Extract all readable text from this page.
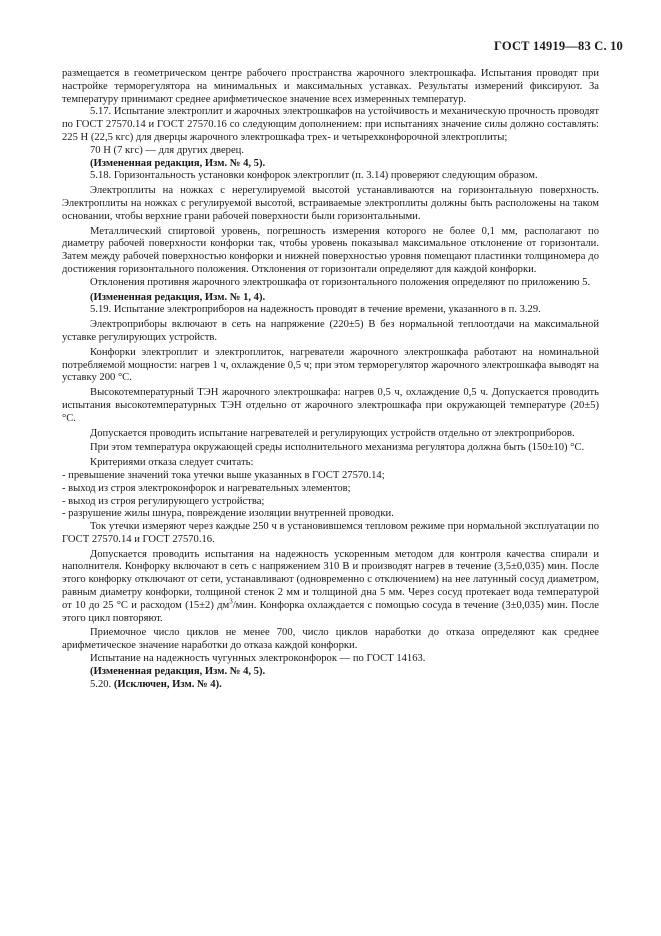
ГОСТ 14919—83 С. 10

размещается в геометрическом центре рабочего пространства жарочного электрошкафа. Испытания проводят при настройке терморегулятора на минимальных и максимальных уставках. Результаты измерений фиксируют. За температуру принимают среднее арифметическое значение всех измеренных температур.

5.17. Испытание электроплит и жарочных электрошкафов на устойчивость и механическую прочность проводят по ГОСТ 27570.14 и ГОСТ 27570.16 со следующим дополнением: при испытаниях значение силы должно составлять: 225 Н (22,5 кгс) для дверцы жарочного электрошкафа трех- и четырехконфорочной электроплиты;

70 Н (7 кгс) — для других дверец.

(Измененная редакция, Изм. № 4, 5).

5.18. Горизонтальность установки конфорок электроплит (п. 3.14) проверяют следующим образом.

Электроплиты на ножках с нерегулируемой высотой устанавливаются на горизонтальную поверхность. Электроплиты на ножках с регулируемой высотой, встраиваемые электроплиты должны быть расположены на таком основании, чтобы верхние грани рабочей поверхности были горизонтальными.

Металлический спиртовой уровень, погрешность измерения которого не более 0,1 мм, располагают по диаметру рабочей поверхности конфорки так, чтобы уровень показывал максимальное отклонение от горизонтали. Затем между рабочей поверхностью конфорки и нижней поверхностью уровня помещают пластинки толщиномера до достижения горизонтального положения. Отклонения от горизонтали определяют для каждой конфорки.

Отклонения противня жарочного электрошкафа от горизонтального положения определяют по приложению 5.

(Измененная редакция, Изм. № 1, 4).

5.19. Испытание электроприборов на надежность проводят в течение времени, указанного в п. 3.29.

Электроприборы включают в сеть на напряжение (220±5) В без нормальной теплоотдачи на максимальной уставке регулирующих устройств.

Конфорки электроплит и электроплиток, нагреватели жарочного электрошкафа работают на номинальной потребляемой мощности: нагрев 1 ч, охлаждение 0,5 ч; при этом терморегулятор жарочного электрошкафа выводят на уставку 200 °С.

Высокотемпературный ТЭН жарочного электрошкафа: нагрев 0,5 ч, охлаждение 0,5 ч. Допускается проводить испытания высокотемпературных ТЭН отдельно от жарочного электрошкафа при окружающей температуре (20±5) °С.

Допускается проводить испытание нагревателей и регулирующих устройств отдельно от электроприборов.

При этом температура окружающей среды исполнительного механизма регулятора должна быть (150±10) °С.

Критериями отказа следует считать:

- превышение значений тока утечки выше указанных в ГОСТ 27570.14;

- выход из строя электроконфорок и нагревательных элементов;

- выход из строя регулирующего устройства;

- разрушение жилы шнура, повреждение изоляции внутренней проводки.

Ток утечки измеряют через каждые 250 ч в установившемся тепловом режиме при нормальной эксплуатации по ГОСТ 27570.14 и ГОСТ 27570.16.

Допускается проводить испытания на надежность ускоренным методом для контроля качества спирали и наполнителя. Конфорку включают в сеть с напряжением 310 В и производят нагрев в течение (3,5±0,035) мин. После этого конфорку отключают от сети, устанавливают (одновременно с отключением) на нее латунный сосуд диаметром, равным диаметру конфорки, толщиной стенок 2 мм и толщиной дна 5 мм. Через сосуд протекает вода температурой от 10 до 25 °С и расходом (15±2) $дм^3$/мин. Конфорка охлаждается с помощью сосуда в течение (3±0,035) мин. После этого цикл повторяют.

Приемочное число циклов не менее 700, число циклов наработки до отказа определяют как среднее арифметическое значение наработки до отказа каждой конфорки.

Испытание на надежность чугунных электроконфорок — по ГОСТ 14163.

(Измененная редакция, Изм. № 4, 5).

5.20. (Исключен, Изм. № 4).
